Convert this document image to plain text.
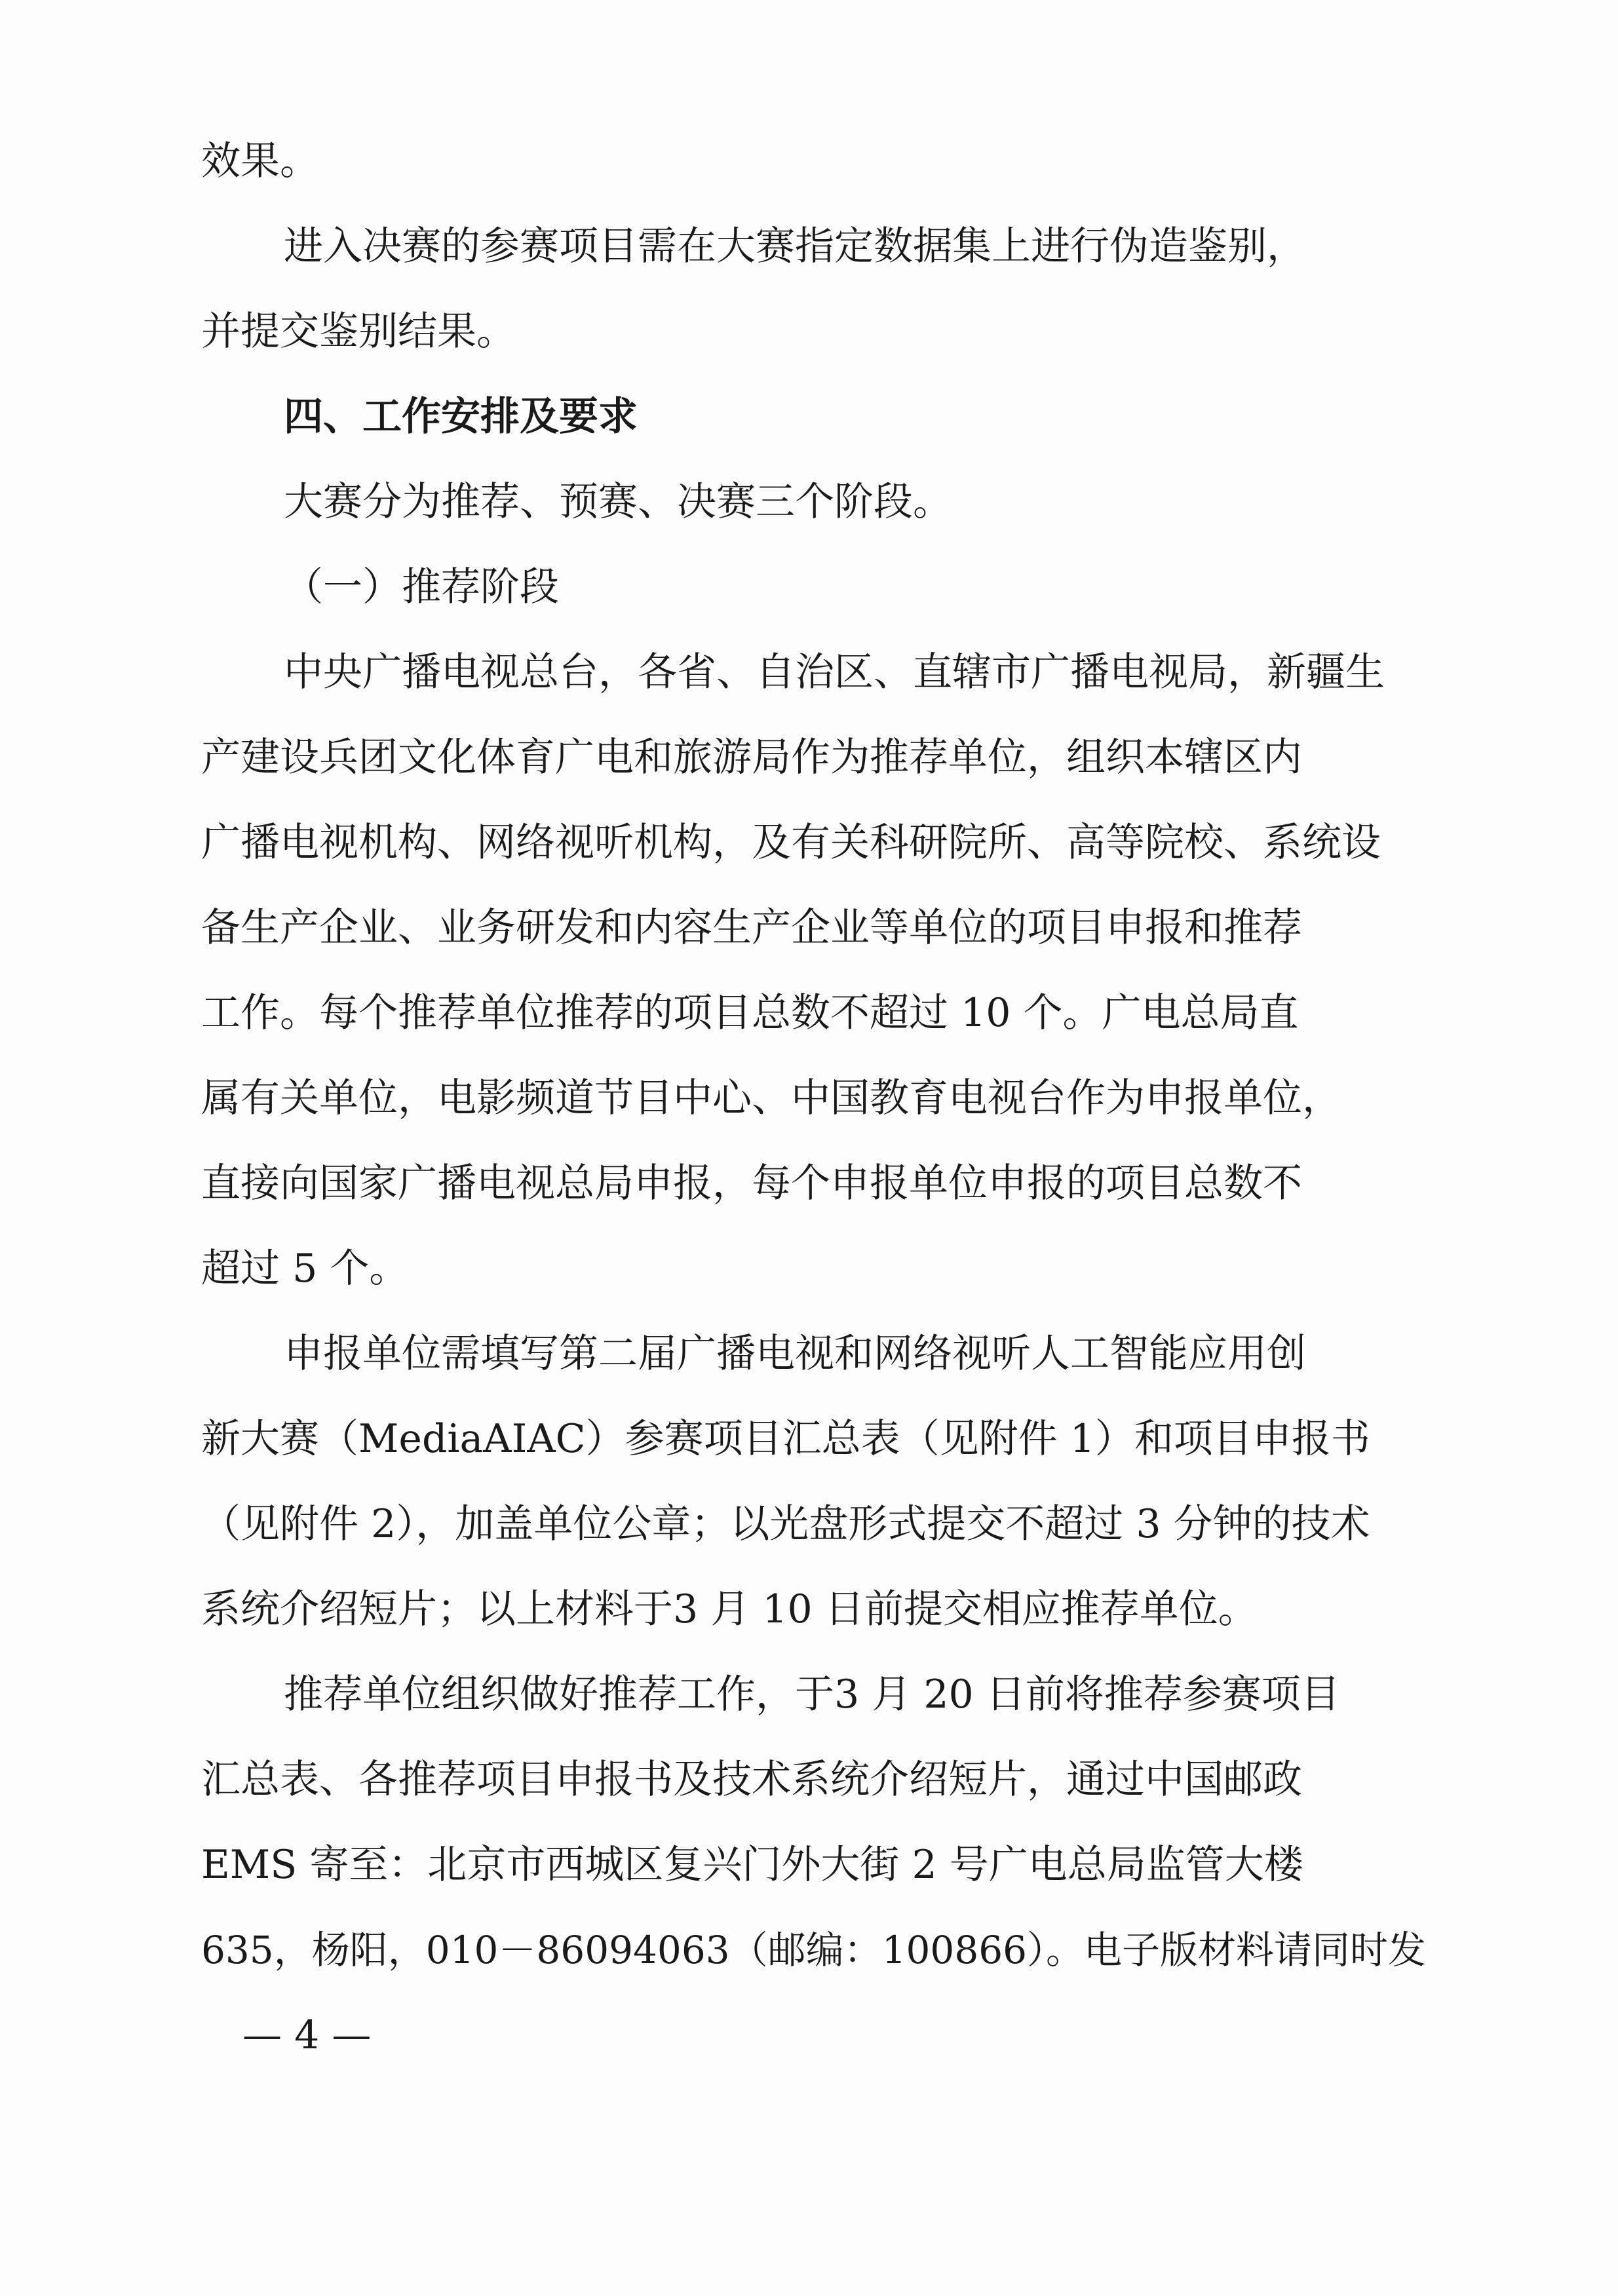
效果。
进入决赛的参赛项目需在大赛指定数据集上进行伪造鉴别，
并提交鉴别结果。
四、工作安排及要求
大赛分为推荐、预赛、决赛三个阶段。
（一）推荐阶段
中央广播电视总台，各省、自治区、直辖市广播电视局，新疆生
产建设兵团文化体育广电和旅游局作为推荐单位，组织本辖区内
广播电视机构、网络视听机构，及有关科研院所、高等院校、系统设
备生产企业、业务研发和内容生产企业等单位的项目申报和推荐
工作。每个推荐单位推荐的项目总数不超过 10 个。广电总局直
属有关单位，电影频道节目中心、中国教育电视台作为申报单位，
直接向国家广播电视总局申报，每个申报单位申报的项目总数不
超过 5 个。
申报单位需填写第二届广播电视和网络视听人工智能应用创
新大赛（MediaAIAC）参赛项目汇总表（见附件 1）和项目申报书
（见附件 2），加盖单位公章；以光盘形式提交不超过 3 分钟的技术
系统介绍短片；以上材料于3 月 10 日前提交相应推荐单位。
推荐单位组织做好推荐工作，于3 月 20 日前将推荐参赛项目
汇总表、各推荐项目申报书及技术系统介绍短片，通过中国邮政
EMS 寄至：北京市西城区复兴门外大街 2 号广电总局监管大楼
635，杨阳，010－86094063（邮编：100866）。电子版材料请同时发
— 4 —
